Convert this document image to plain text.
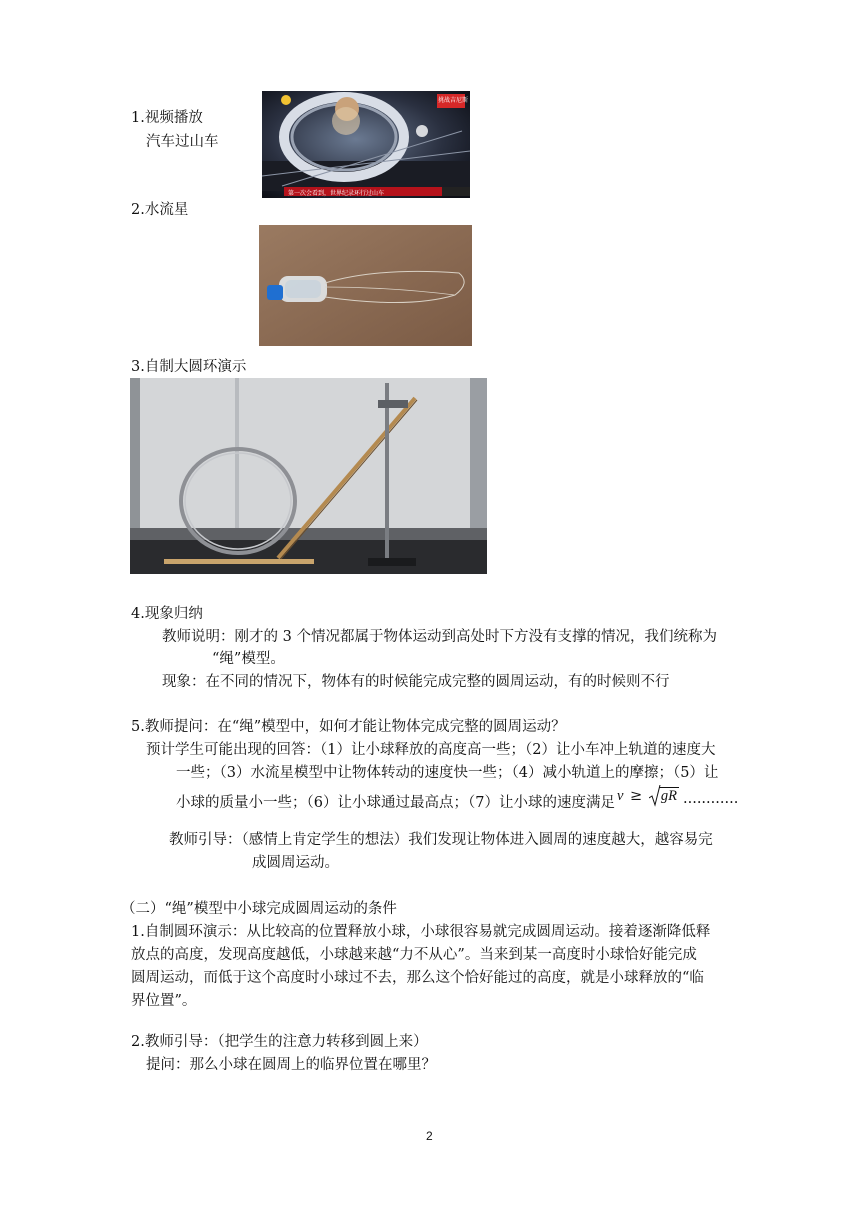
1.视频播放
汽车过山车
挑战吉尼斯
第一次会看到，世界纪录环行过山车
2.水流星
3.自制大圆环演示
4.现象归纳
教师说明：刚才的 3 个情况都属于物体运动到高处时下方没有支撑的情况，我们统称为
“绳”模型。
现象：在不同的情况下，物体有的时候能完成完整的圆周运动，有的时候则不行
5.教师提问：在“绳”模型中，如何才能让物体完成完整的圆周运动？
预计学生可能出现的回答：（1）让小球释放的高度高一些；（2）让小车冲上轨道的速度大
一些；（3）水流星模型中让物体转动的速度快一些；（4）减小轨道上的摩擦；（5）让
小球的质量小一些；（6）让小球通过最高点；（7）让小球的速度满足 v ≥ gR ............
教师引导：（感情上肯定学生的想法）我们发现让物体进入圆周的速度越大，越容易完
成圆周运动。
（二）“绳”模型中小球完成圆周运动的条件
1.自制圆环演示：从比较高的位置释放小球，小球很容易就完成圆周运动。接着逐渐降低释
放点的高度，发现高度越低，小球越来越“力不从心”。当来到某一高度时小球恰好能完成
圆周运动，而低于这个高度时小球过不去，那么这个恰好能过的高度，就是小球释放的“临
界位置”。
2.教师引导：（把学生的注意力转移到圆上来）
提问：那么小球在圆周上的临界位置在哪里？
2
